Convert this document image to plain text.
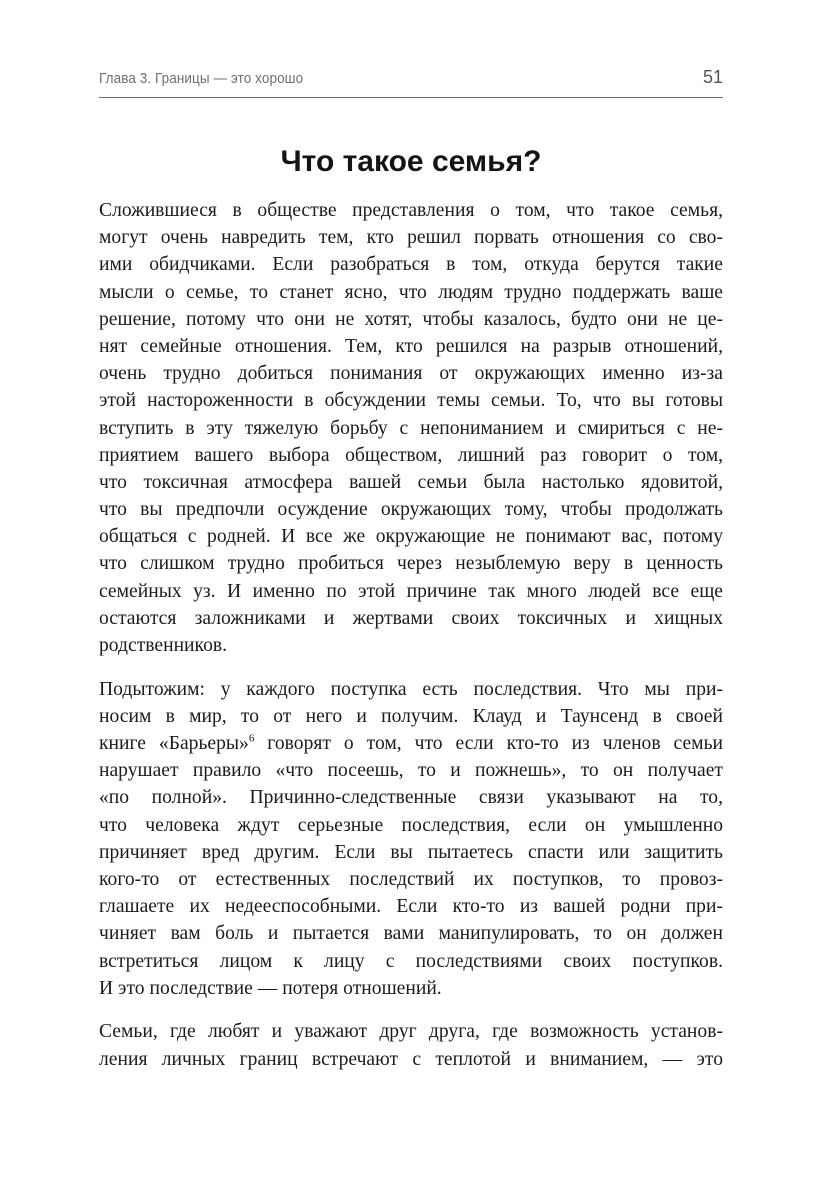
Глава 3. Границы — это хорошо	51
Что такое семья?

Сложившиеся в обществе представления о том, что такое семья,
могут очень навредить тем, кто решил порвать отношения со сво-
ими обидчиками. Если разобраться в том, откуда берутся такие
мысли о семье, то станет ясно, что людям трудно поддержать ваше
решение, потому что они не хотят, чтобы казалось, будто они не це-
нят семейные отношения. Тем, кто решился на разрыв отношений,
очень трудно добиться понимания от окружающих именно из-за
этой настороженности в обсуждении темы семьи. То, что вы готовы
вступить в эту тяжелую борьбу с непониманием и смириться с не-
приятием вашего выбора обществом, лишний раз говорит о том,
что токсичная атмосфера вашей семьи была настолько ядовитой,
что вы предпочли осуждение окружающих тому, чтобы продолжать
общаться с родней. И все же окружающие не понимают вас, потому
что слишком трудно пробиться через незыблемую веру в ценность
семейных уз. И именно по этой причине так много людей все еще
остаются заложниками и жертвами своих токсичных и хищных
родственников.

Подытожим: у каждого поступка есть последствия. Что мы при-
носим в мир, то от него и получим. Клауд и Таунсенд в своей
книге «Барьеры»$^6$ говорят о том, что если кто-то из членов семьи
нарушает правило «что посеешь, то и пожнешь», то он получает
«по полной». Причинно-следственные связи указывают на то,
что человека ждут серьезные последствия, если он умышленно
причиняет вред другим. Если вы пытаетесь спасти или защитить
кого-то от естественных последствий их поступков, то провоз-
глашаете их недееспособными. Если кто-то из вашей родни при-
чиняет вам боль и пытается вами манипулировать, то он должен
встретиться лицом к лицу с последствиями своих поступков.
И это последствие — потеря отношений.

Семьи, где любят и уважают друг друга, где возможность установ-
ления личных границ встречают с теплотой и вниманием, — это
